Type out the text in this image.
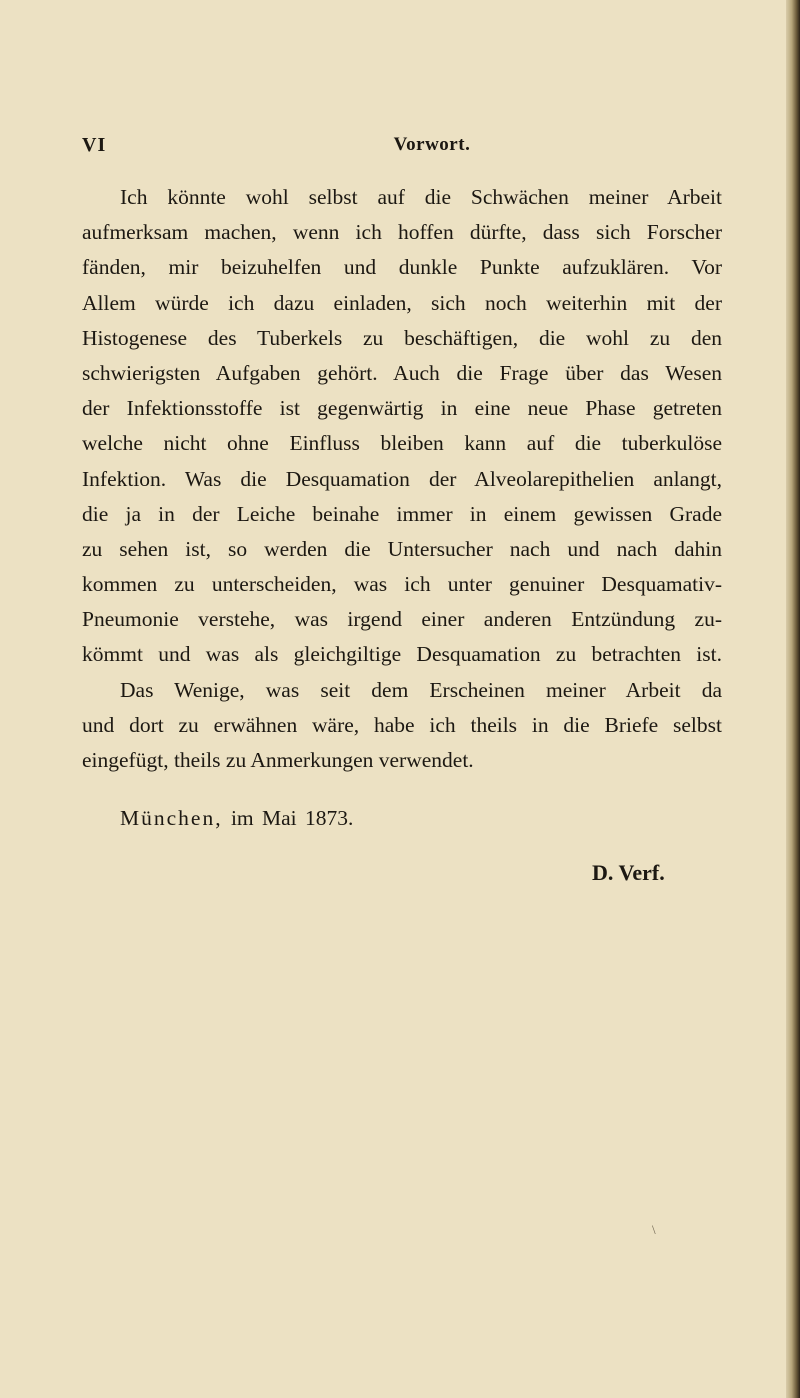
VI	Vorwort.
Ich könnte wohl selbst auf die Schwächen meiner Arbeit
aufmerksam machen, wenn ich hoffen dürfte, dass sich Forscher
fänden, mir beizuhelfen und dunkle Punkte aufzuklären. Vor
Allem würde ich dazu einladen, sich noch weiterhin mit der
Histogenese des Tuberkels zu beschäftigen, die wohl zu den
schwierigsten Aufgaben gehört. Auch die Frage über das Wesen
der Infektionsstoffe ist gegenwärtig in eine neue Phase getreten
welche nicht ohne Einfluss bleiben kann auf die tuberkulöse
Infektion. Was die Desquamation der Alveolarepithelien anlangt,
die ja in der Leiche beinahe immer in einem gewissen Grade
zu sehen ist, so werden die Untersucher nach und nach dahin
kommen zu unterscheiden, was ich unter genuiner Desquamativ-
Pneumonie verstehe, was irgend einer anderen Entzündung zu-
kömmt und was als gleichgiltige Desquamation zu betrachten ist.
Das Wenige, was seit dem Erscheinen meiner Arbeit da
und dort zu erwähnen wäre, habe ich theils in die Briefe selbst
eingefügt, theils zu Anmerkungen verwendet.
München, im Mai 1873.
D. Verf.
\
